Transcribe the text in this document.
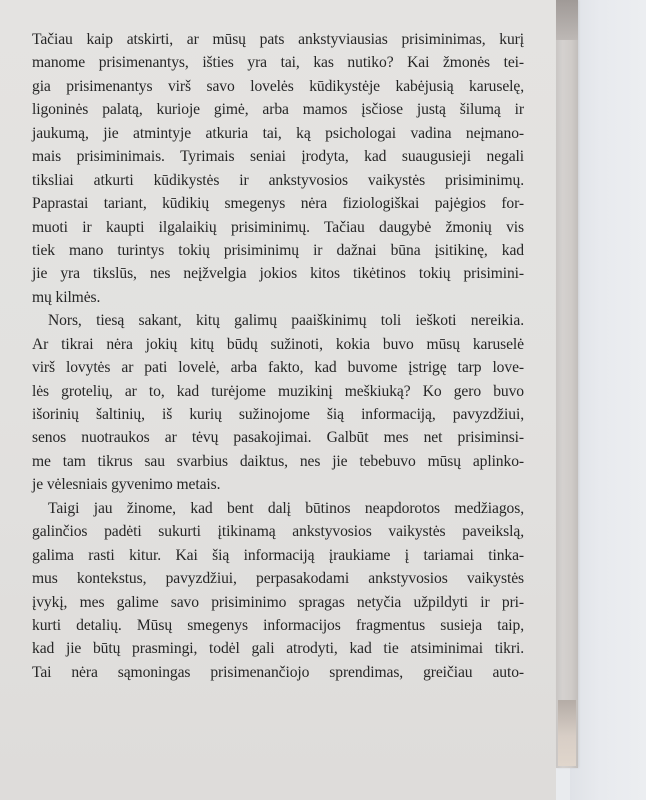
Tačiau kaip atskirti, ar mūsų pats ankstyviausias prisiminimas, kurį
manome prisimenantys, išties yra tai, kas nutiko? Kai žmonės tei-
gia prisimenantys virš savo lovelės kūdikystėje kabėjusią karuselę,
ligoninės palatą, kurioje gimė, arba mamos įsčiose justą šilumą ir
jaukumą, jie atmintyje atkuria tai, ką psichologai vadina neįmano-
mais prisiminimais. Tyrimais seniai įrodyta, kad suaugusieji negali
tiksliai atkurti kūdikystės ir ankstyvosios vaikystės prisiminimų.
Paprastai tariant, kūdikių smegenys nėra fiziologiškai pajėgios for-
muoti ir kaupti ilgalaikių prisiminimų. Tačiau daugybė žmonių vis
tiek mano turintys tokių prisiminimų ir dažnai būna įsitikinę, kad
jie yra tikslūs, nes neįžvelgia jokios kitos tikėtinos tokių prisimini-
mų kilmės.
Nors, tiesą sakant, kitų galimų paaiškinimų toli ieškoti nereikia.
Ar tikrai nėra jokių kitų būdų sužinoti, kokia buvo mūsų karuselė
virš lovytės ar pati lovelė, arba fakto, kad buvome įstrigę tarp love-
lės grotelių, ar to, kad turėjome muzikinį meškiuką? Ko gero buvo
išorinių šaltinių, iš kurių sužinojome šią informaciją, pavyzdžiui,
senos nuotraukos ar tėvų pasakojimai. Galbūt mes net prisiminsi-
me tam tikrus sau svarbius daiktus, nes jie tebebuvo mūsų aplinko-
je vėlesniais gyvenimo metais.
Taigi jau žinome, kad bent dalį būtinos neapdorotos medžiagos,
galinčios padėti sukurti įtikinamą ankstyvosios vaikystės paveikslą,
galima rasti kitur. Kai šią informaciją įraukiame į tariamai tinka-
mus kontekstus, pavyzdžiui, perpasakodami ankstyvosios vaikystės
įvykį, mes galime savo prisiminimo spragas netyčia užpildyti ir pri-
kurti detalių. Mūsų smegenys informacijos fragmentus susieja taip,
kad jie būtų prasmingi, todėl gali atrodyti, kad tie atsiminimai tikri.
Tai nėra sąmoningas prisimenančiojo sprendimas, greičiau auto-
